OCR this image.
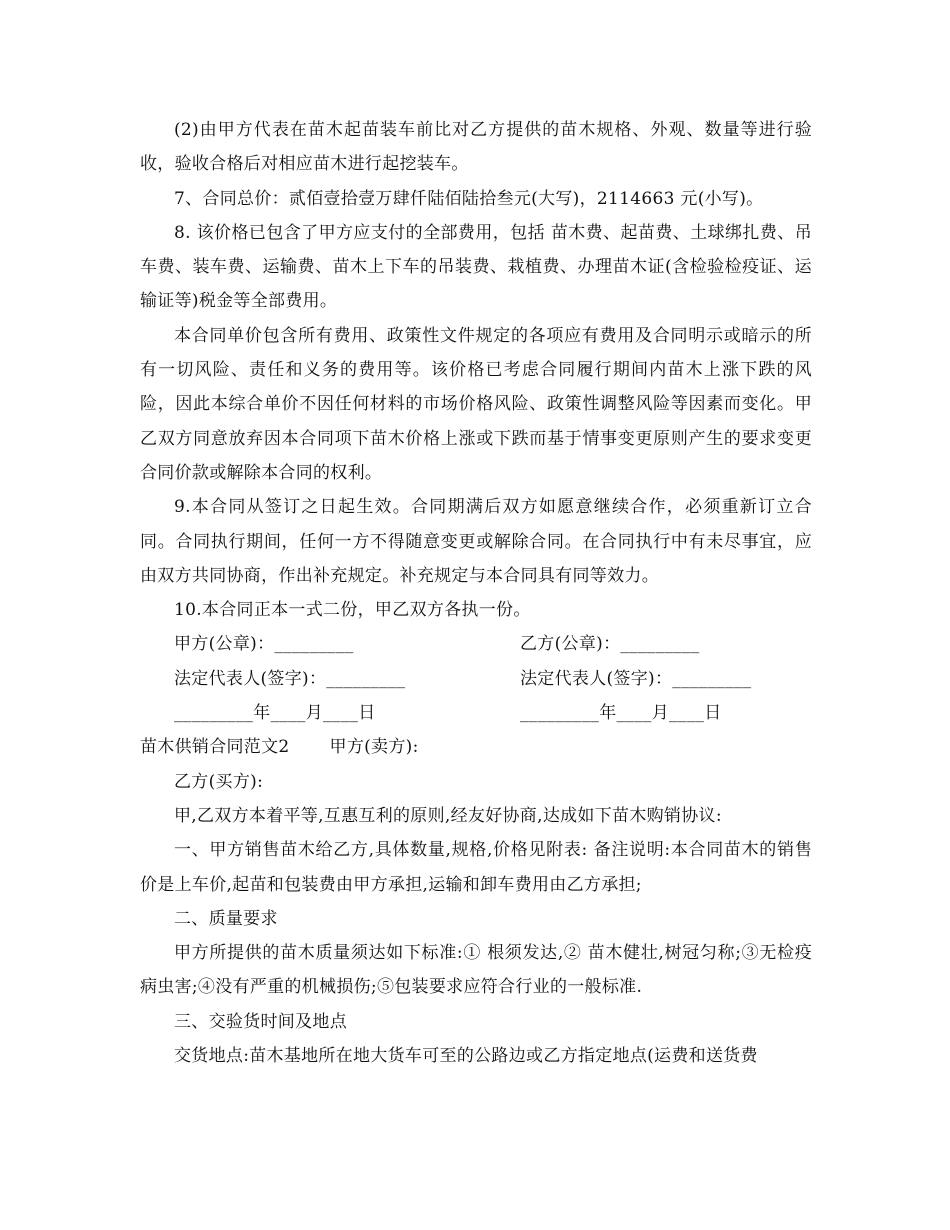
(2)由甲方代表在苗木起苗装车前比对乙方提供的苗木规格、外观、数量等进行验收，验收合格后对相应苗木进行起挖装车。

7、合同总价：贰佰壹拾壹万肆仟陆佰陆拾叁元(大写)，2114663 元(小写)。

8. 该价格已包含了甲方应支付的全部费用，包括 苗木费、起苗费、土球绑扎费、吊车费、装车费、运输费、苗木上下车的吊装费、栽植费、办理苗木证(含检验检疫证、运输证等)税金等全部费用。

本合同单价包含所有费用、政策性文件规定的各项应有费用及合同明示或暗示的所有一切风险、责任和义务的费用等。该价格已考虑合同履行期间内苗木上涨下跌的风险，因此本综合单价不因任何材料的市场价格风险、政策性调整风险等因素而变化。甲乙双方同意放弃因本合同项下苗木价格上涨或下跌而基于情事变更原则产生的要求变更合同价款或解除本合同的权利。

9.本合同从签订之日起生效。合同期满后双方如愿意继续合作，必须重新订立合同。合同执行期间，任何一方不得随意变更或解除合同。在合同执行中有未尽事宜，应由双方共同协商，作出补充规定。补充规定与本合同具有同等效力。

10.本合同正本一式二份，甲乙双方各执一份。

甲方(公章)：_________	乙方(公章)：_________
法定代表人(签字)：_________	法定代表人(签字)：_________
_________年____月____日	_________年____月____日

苗木供销合同范文2 甲方(卖方):

乙方(买方):

甲,乙双方本着平等,互惠互利的原则,经友好协商,达成如下苗木购销协议:

一、甲方销售苗木给乙方,具体数量,规格,价格见附表: 备注说明:本合同苗木的销售价是上车价,起苗和包装费由甲方承担,运输和卸车费用由乙方承担;

二、质量要求

甲方所提供的苗木质量须达如下标准:① 根须发达,② 苗木健壮,树冠匀称;③无检疫病虫害;④没有严重的机械损伤;⑤包装要求应符合行业的一般标准.

三、交验货时间及地点

交货地点:苗木基地所在地大货车可至的公路边或乙方指定地点(运费和送货费
